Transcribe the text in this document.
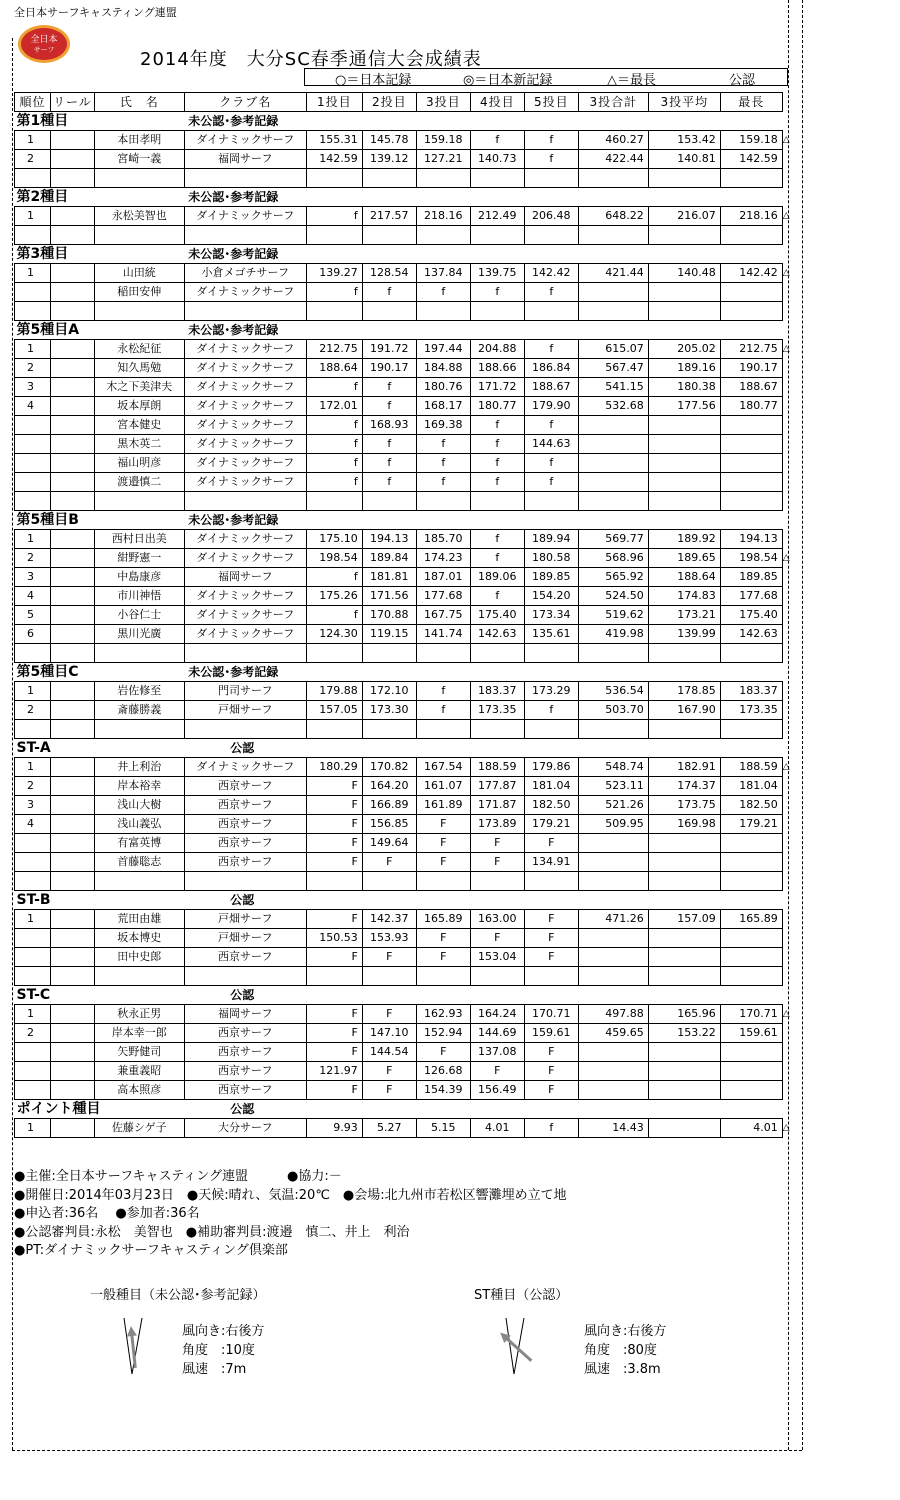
全日本サーフキャスティング連盟
全日本
サーフ	2014年度　大分SC春季通信大会成績表
○＝日本記録	◎＝日本新記録	△＝最長	公認
順位	リール	氏　名	クラブ名	1投目	2投目	3投目	4投目	5投目	3投合計	3投平均	最長	
第1種目			未公認･参考記録									
1		本田孝明	ダイナミックサーフ	155.31	145.78	159.18	f	f	460.27	153.42	159.18	△
2		宮崎一義	福岡サーフ	142.59	139.12	127.21	140.73	f	422.44	140.81	142.59	

第2種目			未公認･参考記録									
1		永松美智也	ダイナミックサーフ	f	217.57	218.16	212.49	206.48	648.22	216.07	218.16	△

第3種目			未公認･参考記録									
1		山田統	小倉メゴチサーフ	139.27	128.54	137.84	139.75	142.42	421.44	140.48	142.42	△
		稲田安伸	ダイナミックサーフ	f	f	f	f	f				

第5種目A			未公認･参考記録									
1		永松紀征	ダイナミックサーフ	212.75	191.72	197.44	204.88	f	615.07	205.02	212.75	△
2		知久馬勉	ダイナミックサーフ	188.64	190.17	184.88	188.66	186.84	567.47	189.16	190.17	
3		木之下美津夫	ダイナミックサーフ	f	f	180.76	171.72	188.67	541.15	180.38	188.67	
4		坂本厚朗	ダイナミックサーフ	172.01	f	168.17	180.77	179.90	532.68	177.56	180.77	
		宮本健史	ダイナミックサーフ	f	168.93	169.38	f	f				
		黒木英二	ダイナミックサーフ	f	f	f	f	144.63				
		福山明彦	ダイナミックサーフ	f	f	f	f	f				
		渡邉慎二	ダイナミックサーフ	f	f	f	f	f				

第5種目B			未公認･参考記録									
1		西村日出美	ダイナミックサーフ	175.10	194.13	185.70	f	189.94	569.77	189.92	194.13	
2		紺野憲一	ダイナミックサーフ	198.54	189.84	174.23	f	180.58	568.96	189.65	198.54	△
3		中島康彦	福岡サーフ	f	181.81	187.01	189.06	189.85	565.92	188.64	189.85	
4		市川神悟	ダイナミックサーフ	175.26	171.56	177.68	f	154.20	524.50	174.83	177.68	
5		小谷仁士	ダイナミックサーフ	f	170.88	167.75	175.40	173.34	519.62	173.21	175.40	
6		黒川光廣	ダイナミックサーフ	124.30	119.15	141.74	142.63	135.61	419.98	139.99	142.63	

第5種目C			未公認･参考記録									
1		岩佐修至	門司サーフ	179.88	172.10	f	183.37	173.29	536.54	178.85	183.37	
2		斎藤勝義	戸畑サーフ	157.05	173.30	f	173.35	f	503.70	167.90	173.35	

ST-A			公認									
1		井上利治	ダイナミックサーフ	180.29	170.82	167.54	188.59	179.86	548.74	182.91	188.59	△
2		岸本裕幸	西京サーフ	F	164.20	161.07	177.87	181.04	523.11	174.37	181.04	
3		浅山大樹	西京サーフ	F	166.89	161.89	171.87	182.50	521.26	173.75	182.50	
4		浅山義弘	西京サーフ	F	156.85	F	173.89	179.21	509.95	169.98	179.21	
		有富英博	西京サーフ	F	149.64	F	F	F				
		首藤聡志	西京サーフ	F	F	F	F	134.91				

ST-B			公認									
1		荒田由雄	戸畑サーフ	F	142.37	165.89	163.00	F	471.26	157.09	165.89	
		坂本博史	戸畑サーフ	150.53	153.93	F	F	F				
		田中史郎	西京サーフ	F	F	F	153.04	F				

ST-C			公認									
1		秋永正男	福岡サーフ	F	F	162.93	164.24	170.71	497.88	165.96	170.71	△
2		岸本幸一郎	西京サーフ	F	147.10	152.94	144.69	159.61	459.65	153.22	159.61	
		矢野健司	西京サーフ	F	144.54	F	137.08	F				
		兼重義昭	西京サーフ	121.97	F	126.68	F	F				
		高本照彦	西京サーフ	F	F	154.39	156.49	F				
ポイント種目			公認									
1		佐藤シゲ子	大分サーフ	9.93	5.27	5.15	4.01	f	14.43		4.01	△
●主催:全日本サーフキャスティング連盟　　　●協力:－
●開催日:2014年03月23日　●天候:晴れ、気温:20℃　●会場:北九州市若松区響灘埋め立て地
●申込者:36名　 ●参加者:36名
●公認審判員:永松　美智也　●補助審判員:渡邉　慎二、井上　利治
●PT:ダイナミックサーフキャスティング倶楽部
一般種目（未公認･参考記録）	ST種目（公認）
風向き:右後方
角度　:10度
風速　:7m
風向き:右後方
角度　:80度
風速　:3.8m
